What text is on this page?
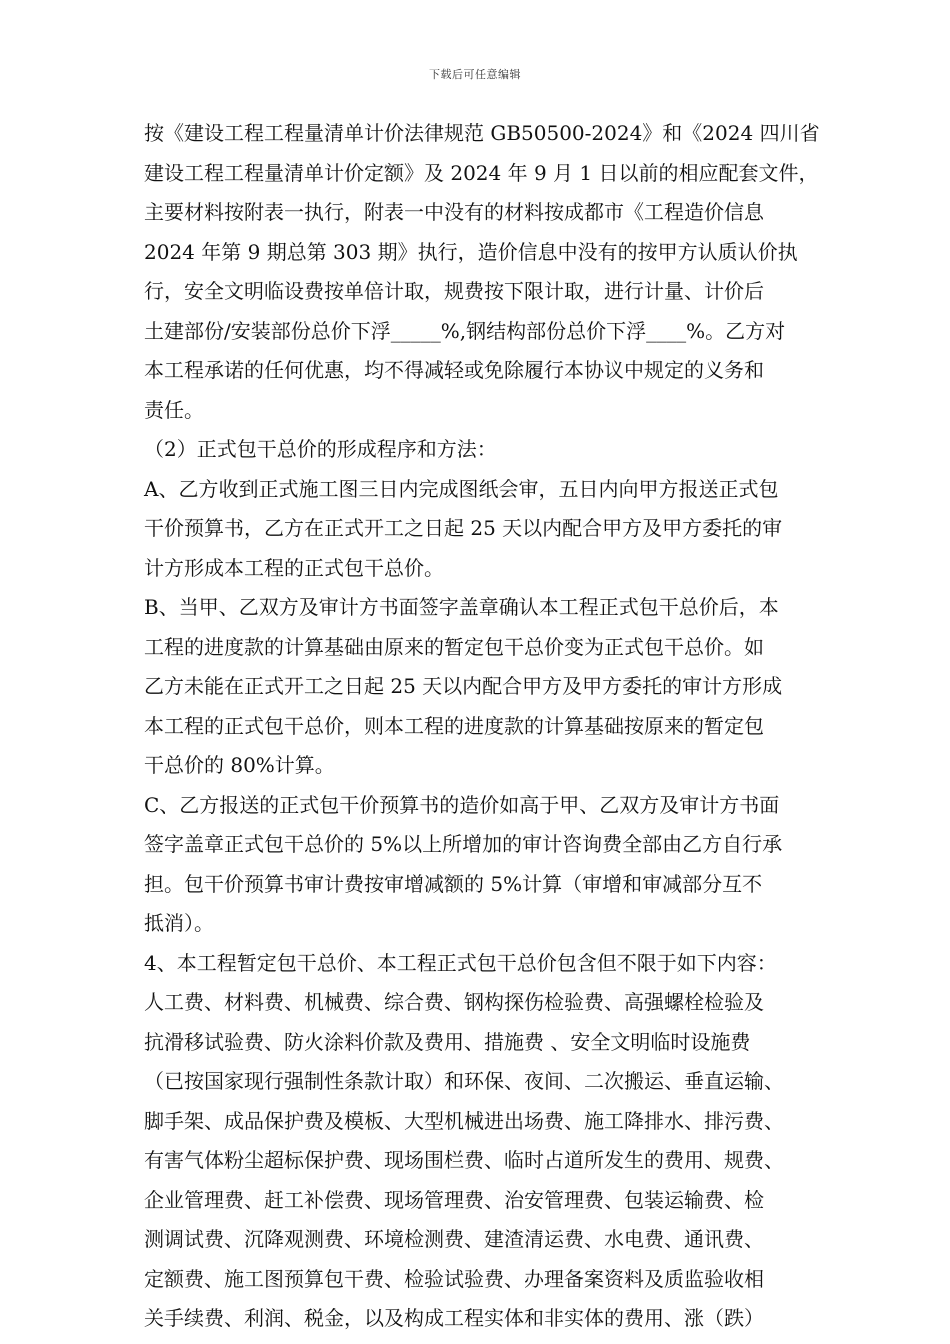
下载后可任意编辑
按《建设工程工程量清单计价法律规范 GB50500-2024》和《2024 四川省
建设工程工程量清单计价定额》及 2024 年 9 月 1 日以前的相应配套文件，
主要材料按附表一执行，附表一中没有的材料按成都市《工程造价信息
2024 年第 9 期总第 303 期》执行，造价信息中没有的按甲方认质认价执
行，安全文明临设费按单倍计取，规费按下限计取，进行计量、计价后
土建部份/安装部份总价下浮_____%,钢结构部份总价下浮____%。乙方对
本工程承诺的任何优惠，均不得减轻或免除履行本协议中规定的义务和
责任。
（2）正式包干总价的形成程序和方法：
A、乙方收到正式施工图三日内完成图纸会审，五日内向甲方报送正式包
干价预算书，乙方在正式开工之日起 25 天以内配合甲方及甲方委托的审
计方形成本工程的正式包干总价。
B、当甲、乙双方及审计方书面签字盖章确认本工程正式包干总价后，本
工程的进度款的计算基础由原来的暂定包干总价变为正式包干总价。如
乙方未能在正式开工之日起 25 天以内配合甲方及甲方委托的审计方形成
本工程的正式包干总价，则本工程的进度款的计算基础按原来的暂定包
干总价的 80%计算。
C、乙方报送的正式包干价预算书的造价如高于甲、乙双方及审计方书面
签字盖章正式包干总价的 5%以上所增加的审计咨询费全部由乙方自行承
担。包干价预算书审计费按审增减额的 5%计算（审增和审减部分互不
抵消）。
4、本工程暂定包干总价、本工程正式包干总价包含但不限于如下内容：
人工费、材料费、机械费、综合费、钢构探伤检验费、高强螺栓检验及
抗滑移试验费、防火涂料价款及费用、措施费 、安全文明临时设施费
（已按国家现行强制性条款计取）和环保、夜间、二次搬运、垂直运输、
脚手架、成品保护费及模板、大型机械进出场费、施工降排水、排污费、
有害气体粉尘超标保护费、现场围栏费、临时占道所发生的费用、规费、
企业管理费、赶工补偿费、现场管理费、治安管理费、包装运输费、检
测调试费、沉降观测费、环境检测费、建渣清运费、水电费、通讯费、
定额费、施工图预算包干费、检验试验费、办理备案资料及质监验收相
关手续费、利润、税金，以及构成工程实体和非实体的费用、涨（跌）
